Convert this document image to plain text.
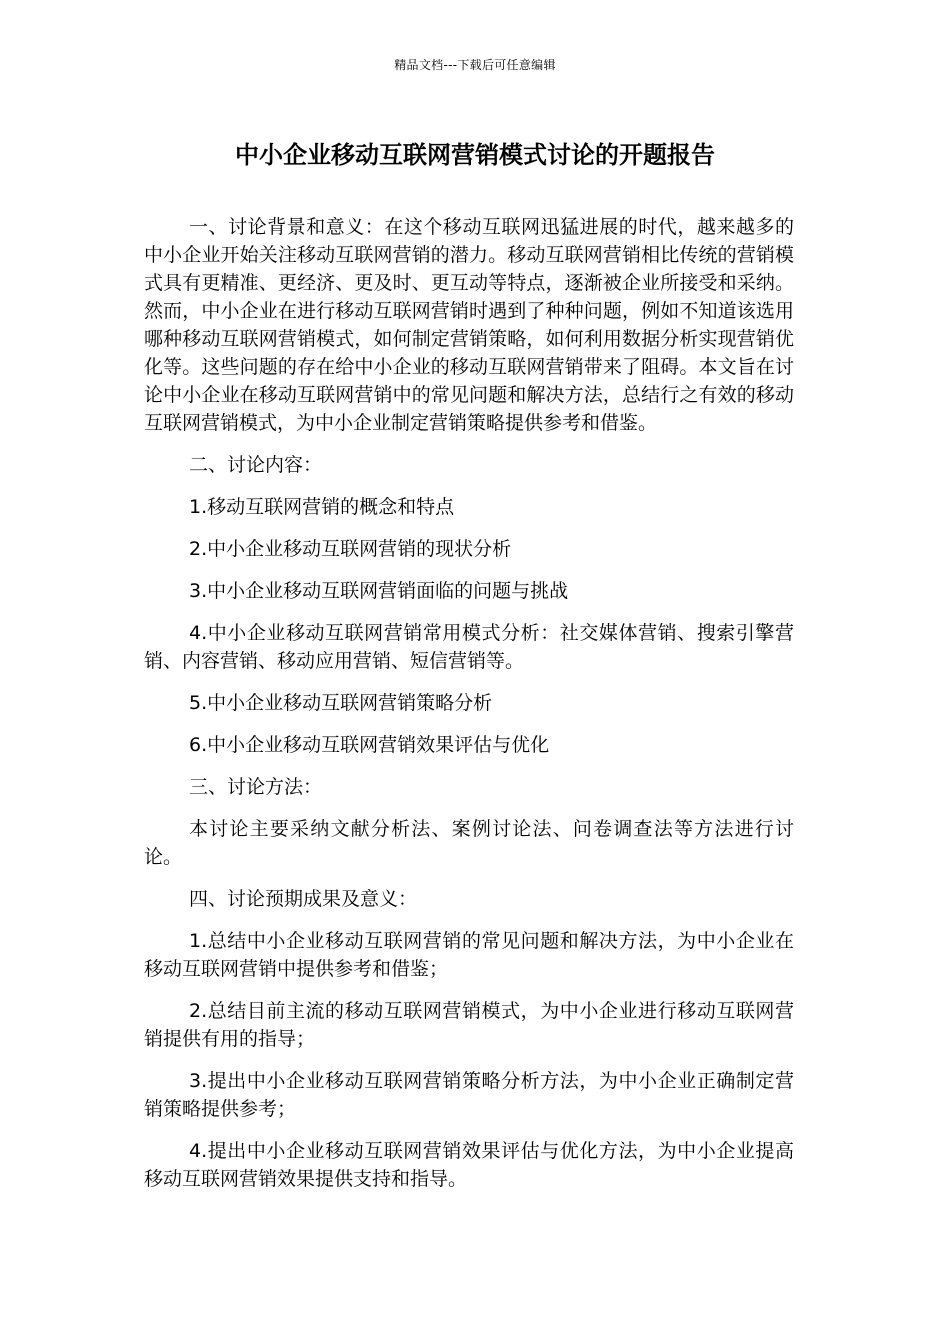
精品文档---下载后可任意编辑
中小企业移动互联网营销模式讨论的开题报告

一、讨论背景和意义：在这个移动互联网迅猛进展的时代，越来越多的中小企业开始关注移动互联网营销的潜力。移动互联网营销相比传统的营销模式具有更精准、更经济、更及时、更互动等特点，逐渐被企业所接受和采纳。然而，中小企业在进行移动互联网营销时遇到了种种问题，例如不知道该选用哪种移动互联网营销模式，如何制定营销策略，如何利用数据分析实现营销优化等。这些问题的存在给中小企业的移动互联网营销带来了阻碍。本文旨在讨论中小企业在移动互联网营销中的常见问题和解决方法，总结行之有效的移动互联网营销模式，为中小企业制定营销策略提供参考和借鉴。

二、讨论内容：

1.移动互联网营销的概念和特点

2.中小企业移动互联网营销的现状分析

3.中小企业移动互联网营销面临的问题与挑战

4.中小企业移动互联网营销常用模式分析：社交媒体营销、搜索引擎营销、内容营销、移动应用营销、短信营销等。

5.中小企业移动互联网营销策略分析

6.中小企业移动互联网营销效果评估与优化

三、讨论方法：

本讨论主要采纳文献分析法、案例讨论法、问卷调查法等方法进行讨论。

四、讨论预期成果及意义：

1.总结中小企业移动互联网营销的常见问题和解决方法，为中小企业在移动互联网营销中提供参考和借鉴；

2.总结目前主流的移动互联网营销模式，为中小企业进行移动互联网营销提供有用的指导；

3.提出中小企业移动互联网营销策略分析方法，为中小企业正确制定营销策略提供参考；

4.提出中小企业移动互联网营销效果评估与优化方法，为中小企业提高移动互联网营销效果提供支持和指导。
